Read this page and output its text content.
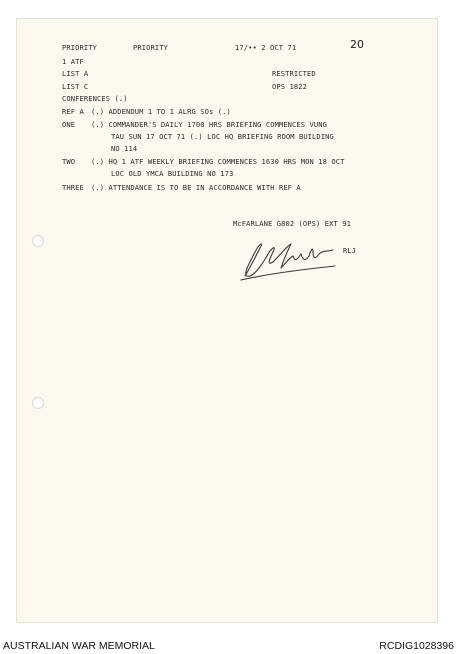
20
PRIORITY	PRIORITY	17/•• 2 OCT 71
1 ATF
LIST A	RESTRICTED
LIST C	OPS 1822
CONFERENCES (.)
REF A (.) ADDENDUM 1 TO 1 ALRG SOs (.)
ONE (.) COMMANDER'S DAILY 1700 HRS BRIEFING COMMENCES VUNG
TAU SUN 17 OCT 71 (.) LOC HQ BRIEFING ROOM BUILDING
NO 114
TWO (.) HQ 1 ATF WEEKLY BRIEFING COMMENCES 1630 HRS MON 18 OCT
LOC OLD YMCA BUILDING NO 173
THREE (.) ATTENDANCE IS TO BE IN ACCORDANCE WITH REF A
McFARLANE G802 (OPS) EXT 91
RLJ
AUSTRALIAN WAR MEMORIAL	RCDIG1028396
